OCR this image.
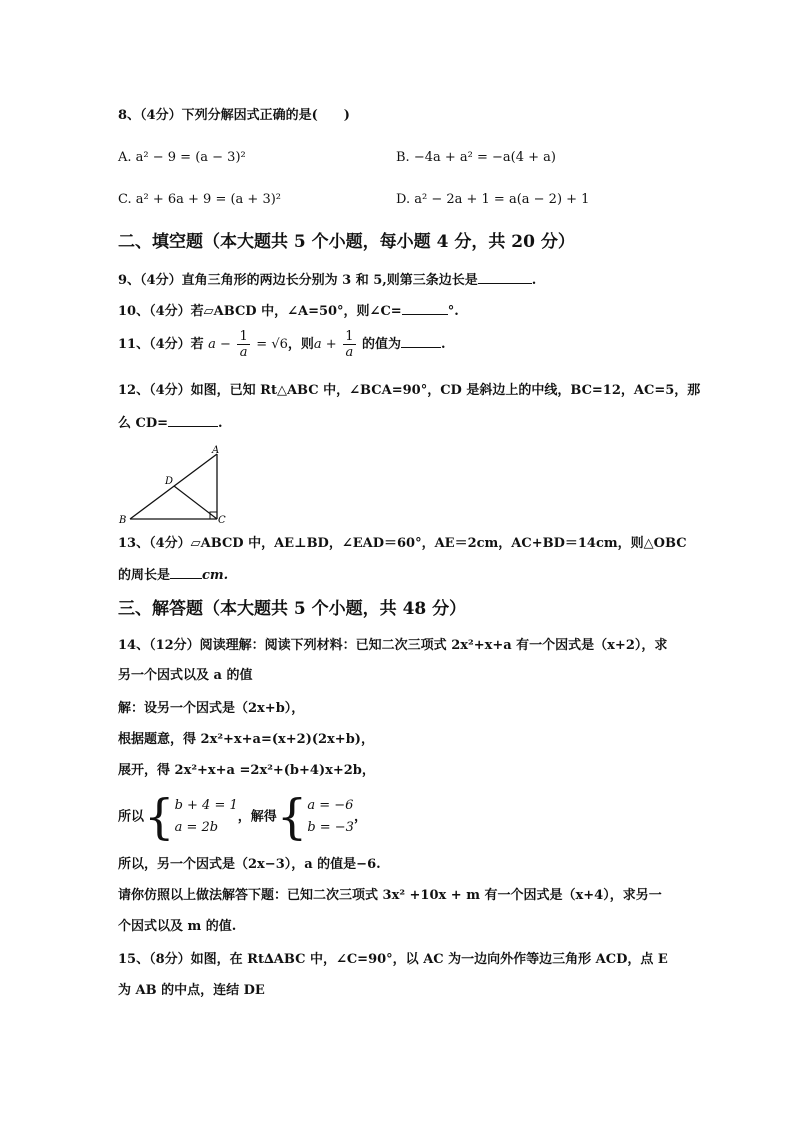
8、（4分）下列分解因式正确的是(　　)
A. a² − 9 = (a − 3)²	B. −4a + a² = −a(4 + a)
C. a² + 6a + 9 = (a + 3)²	D. a² − 2a + 1 = a(a − 2) + 1
二、填空题（本大题共 5 个小题，每小题 4 分，共 20 分）
9、（4分）直角三角形的两边长分别为 3 和 5,则第三条边长是	.
10、（4分）若▱ABCD 中，∠A=50°，则∠C=	°.
11、（4分）若 $a - \frac{1}{a} = √6$，则$a + \frac{1}{a}$ 的值为	.
12、（4分）如图，已知 Rt△ABC 中，∠BCA=90°，CD 是斜边上的中线，BC=12，AC=5，那
么 CD=	.
A
B	C
D
13、（4分）▱ABCD 中，AE⊥BD，∠EAD＝60°，AE＝2cm，AC+BD＝14cm，则△OBC
的周长是 cm.
三、解答题（本大题共 5 个小题，共 48 分）
14、（12分）阅读理解：阅读下列材料：已知二次三项式 2x²+x+a 有一个因式是（x+2），求
另一个因式以及 a 的值
解：设另一个因式是（2x+b），
根据题意，得 2x²+x+a=(x+2)(2x+b)，
展开，得 2x²+x+a =2x²+(b+4)x+2b，
所以{ b + 4 = 1
a = 2b
，解得{ a = −6
b = −3
，
所以，另一个因式是（2x−3），a 的值是−6.
请你仿照以上做法解答下题：已知二次三项式 3x² +10x + m 有一个因式是（x+4），求另一
个因式以及 m 的值.
15、（8分）如图，在 Rt∆ABC 中，∠C=90°，以 AC 为一边向外作等边三角形 ACD，点 E
为 AB 的中点，连结 DE
